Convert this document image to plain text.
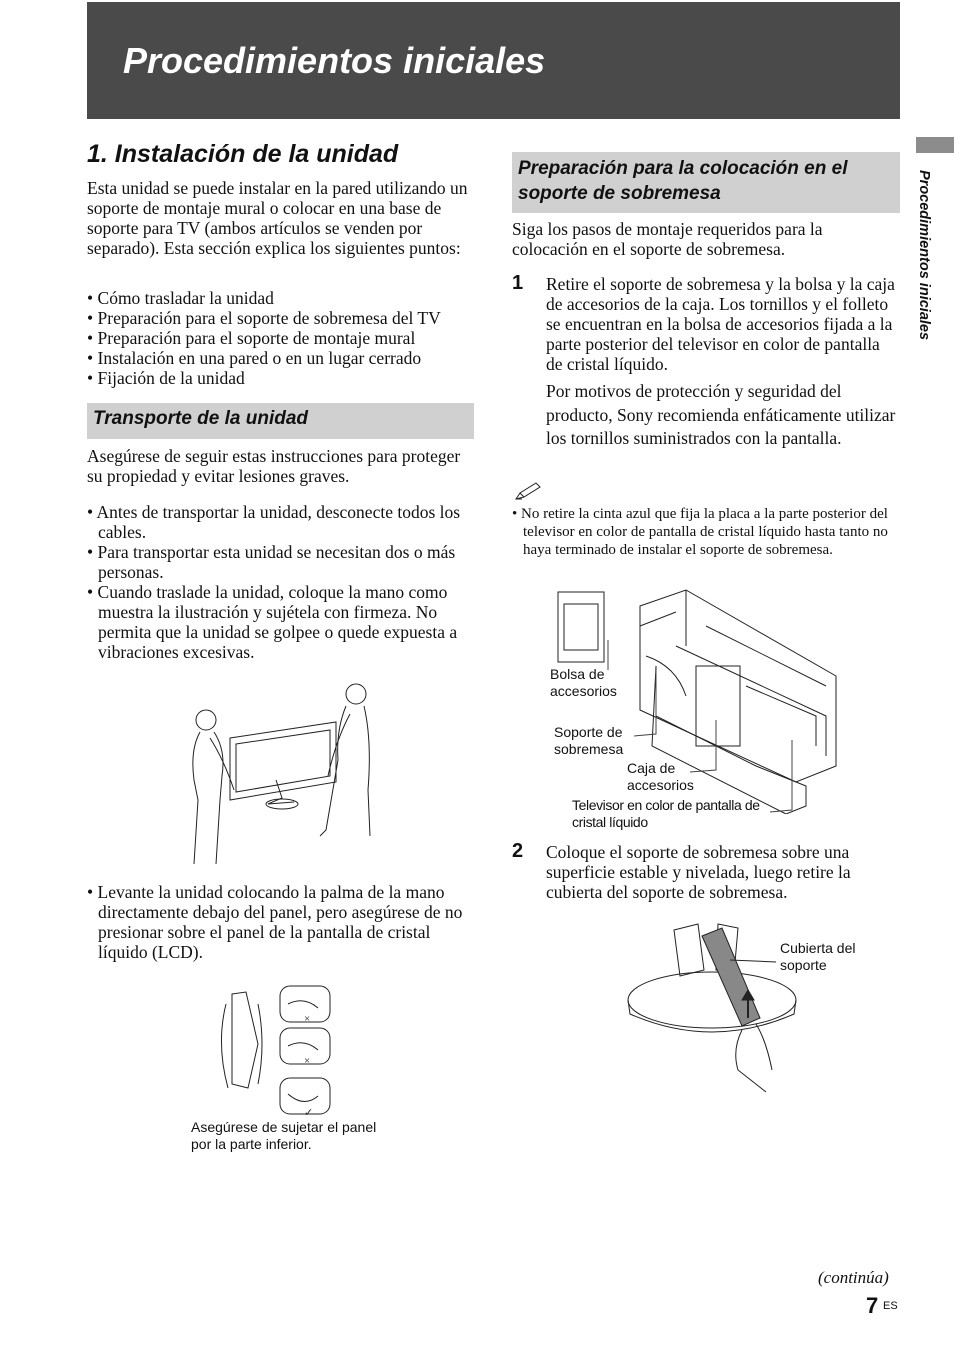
Procedimientos iniciales
Procedimientos iniciales
1. Instalación de la unidad

Esta unidad se puede instalar en la pared utilizando un soporte de montaje mural o colocar en una base de soporte para TV (ambos artículos se venden por separado). Esta sección explica los siguientes puntos:

• Cómo trasladar la unidad
• Preparación para el soporte de sobremesa del TV
• Preparación para el soporte de montaje mural
• Instalación en una pared o en un lugar cerrado
• Fijación de la unidad
Transporte de la unidad

Asegúrese de seguir estas instrucciones para proteger su propiedad y evitar lesiones graves.

• Antes de transportar la unidad, desconecte todos los cables.
• Para transportar esta unidad se necesitan dos o más personas.
• Cuando traslade la unidad, coloque la mano como muestra la ilustración y sujétela con firmeza. No permita que la unidad se golpee o quede expuesta a vibraciones excesivas.
• Levante la unidad colocando la palma de la mano directamente debajo del panel, pero asegúrese de no presionar sobre el panel de la pantalla de cristal líquido (LCD).
×
×
✓
Asegúrese de sujetar el panel por la parte inferior.
Preparación para la colocación en el soporte de sobremesa

Siga los pasos de montaje requeridos para la colocación en el soporte de sobremesa.

1 Retire el soporte de sobremesa y la bolsa y la caja de accesorios de la caja. Los tornillos y el folleto se encuentran en la bolsa de accesorios fijada a la parte posterior del televisor en color de pantalla de cristal líquido.

Por motivos de protección y seguridad del producto, Sony recomienda enfáticamente utilizar los tornillos suministrados con la pantalla.

• No retire la cinta azul que fija la placa a la parte posterior del televisor en color de pantalla de cristal líquido hasta tanto no haya terminado de instalar el soporte de sobremesa.
Bolsa de accesorios
Soporte de sobremesa
Caja de accesorios
Televisor en color de pantalla de cristal líquido
2 Coloque el soporte de sobremesa sobre una superficie estable y nivelada, luego retire la cubierta del soporte de sobremesa.

Cubierta del soporte
(continúa)
7 ES
